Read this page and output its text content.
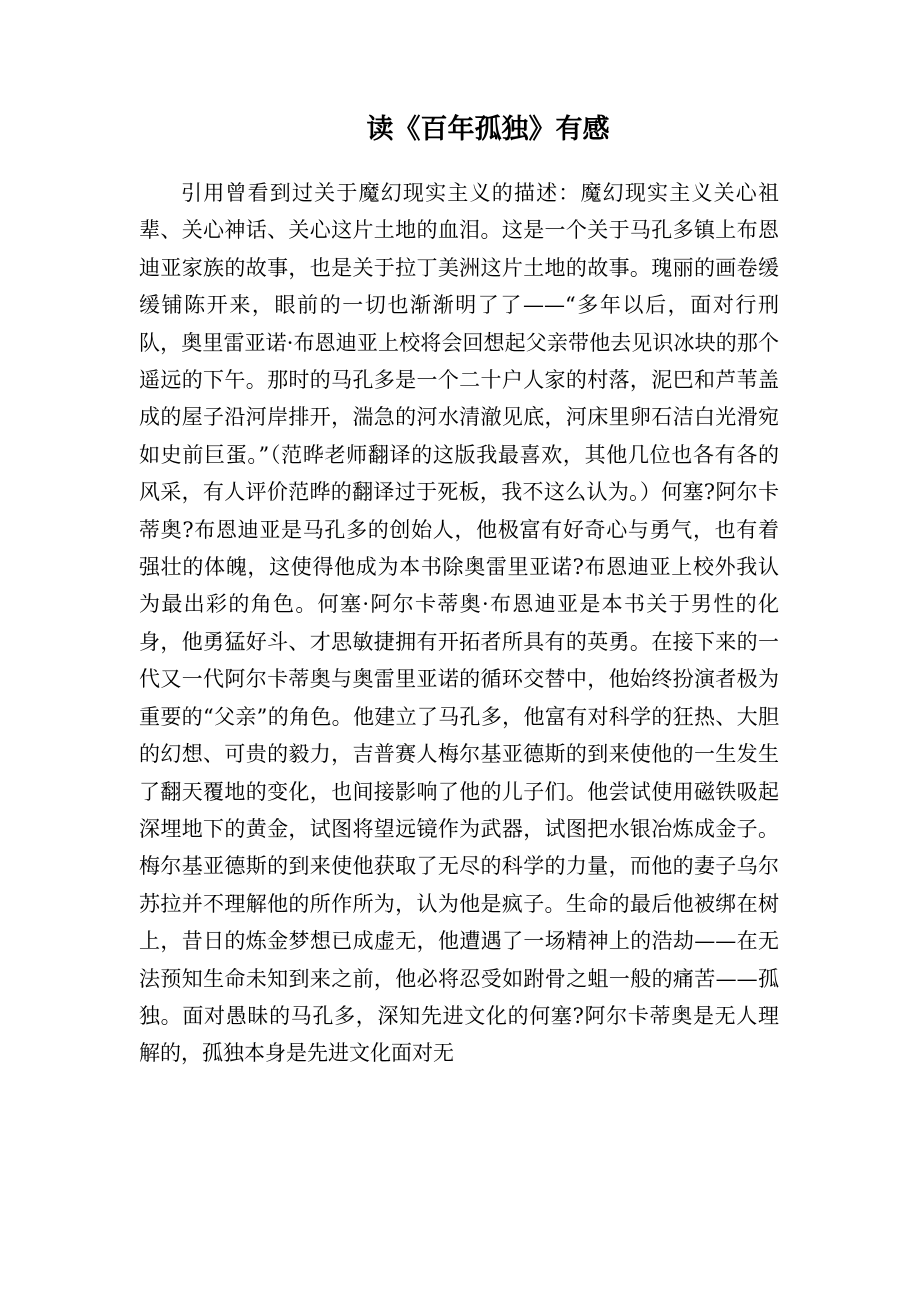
读《百年孤独》有感

引用曾看到过关于魔幻现实主义的描述：魔幻现实主义关心祖辈、关心神话、关心这片土地的血泪。这是一个关于马孔多镇上布恩迪亚家族的故事，也是关于拉丁美洲这片土地的故事。瑰丽的画卷缓缓铺陈开来，眼前的一切也渐渐明了了——“多年以后，面对行刑队，奥里雷亚诺·布恩迪亚上校将会回想起父亲带他去见识冰块的那个遥远的下午。那时的马孔多是一个二十户人家的村落，泥巴和芦苇盖成的屋子沿河岸排开，湍急的河水清澈见底，河床里卵石洁白光滑宛如史前巨蛋。”（范晔老师翻译的这版我最喜欢，其他几位也各有各的风采，有人评价范晔的翻译过于死板，我不这么认为。）何塞?阿尔卡蒂奥?布恩迪亚是马孔多的创始人，他极富有好奇心与勇气，也有着强壮的体魄，这使得他成为本书除奥雷里亚诺?布恩迪亚上校外我认为最出彩的角色。何塞·阿尔卡蒂奥·布恩迪亚是本书关于男性的化身，他勇猛好斗、才思敏捷拥有开拓者所具有的英勇。在接下来的一代又一代阿尔卡蒂奥与奥雷里亚诺的循环交替中，他始终扮演者极为重要的“父亲”的角色。他建立了马孔多，他富有对科学的狂热、大胆的幻想、可贵的毅力，吉普赛人梅尔基亚德斯的到来使他的一生发生了翻天覆地的变化，也间接影响了他的儿子们。他尝试使用磁铁吸起深埋地下的黄金，试图将望远镜作为武器，试图把水银冶炼成金子。梅尔基亚德斯的到来使他获取了无尽的科学的力量，而他的妻子乌尔苏拉并不理解他的所作所为，认为他是疯子。生命的最后他被绑在树上，昔日的炼金梦想已成虚无，他遭遇了一场精神上的浩劫——在无法预知生命未知到来之前，他必将忍受如跗骨之蛆一般的痛苦——孤独。面对愚昧的马孔多，深知先进文化的何塞?阿尔卡蒂奥是无人理解的，孤独本身是先进文化面对无
